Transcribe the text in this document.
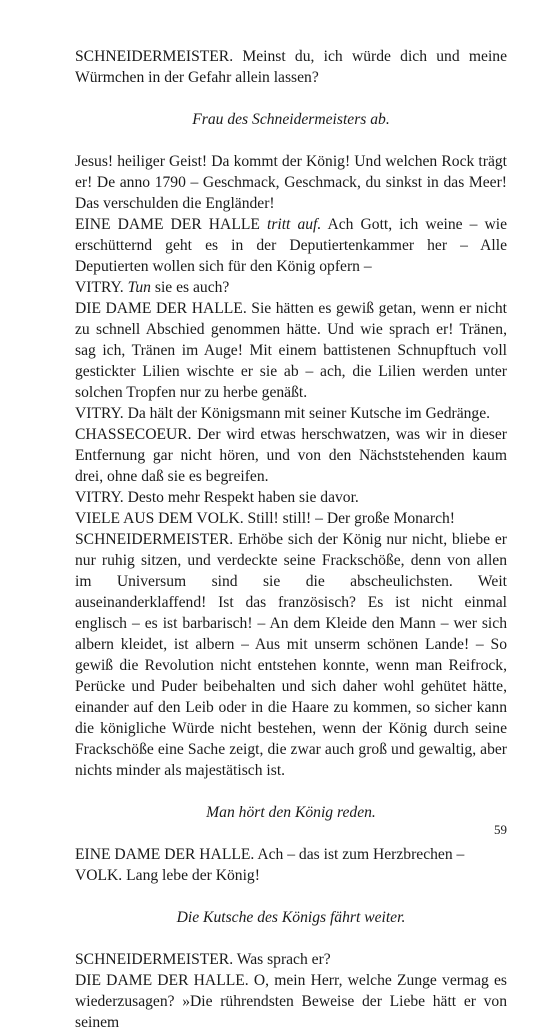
SCHNEIDERMEISTER. Meinst du, ich würde dich und meine Würmchen in der Gefahr allein lassen?

Frau des Schneidermeisters ab.

Jesus! heiliger Geist! Da kommt der König! Und welchen Rock trägt er! De anno 1790 – Geschmack, Geschmack, du sinkst in das Meer! Das verschulden die Engländer!

EINE DAME DER HALLE tritt auf. Ach Gott, ich weine – wie erschütternd geht es in der Deputiertenkammer her – Alle Deputierten wollen sich für den König opfern –

VITRY. Tun sie es auch?

DIE DAME DER HALLE. Sie hätten es gewiß getan, wenn er nicht zu schnell Abschied genommen hätte. Und wie sprach er! Tränen, sag ich, Tränen im Auge! Mit einem battistenen Schnupftuch voll gestickter Lilien wischte er sie ab – ach, die Lilien werden unter solchen Tropfen nur zu herbe genäßt.

VITRY. Da hält der Königsmann mit seiner Kutsche im Gedränge.

CHASSECOEUR. Der wird etwas herschwatzen, was wir in dieser Entfernung gar nicht hören, und von den Nächststehenden kaum drei, ohne daß sie es begreifen.

VITRY. Desto mehr Respekt haben sie davor.

VIELE AUS DEM VOLK. Still! still! – Der große Monarch!

SCHNEIDERMEISTER. Erhöbe sich der König nur nicht, bliebe er nur ruhig sitzen, und verdeckte seine Frackschöße, denn von allen im Universum sind sie die abscheulichsten. Weit auseinanderklaffend! Ist das französisch? Es ist nicht einmal englisch – es ist barbarisch! – An dem Kleide den Mann – wer sich albern kleidet, ist albern – Aus mit unserm schönen Lande! – So gewiß die Revolution nicht entstehen konnte, wenn man Reifrock, Perücke und Puder beibehalten und sich daher wohl gehütet hätte, einander auf den Leib oder in die Haare zu kommen, so sicher kann die königliche Würde nicht bestehen, wenn der König durch seine Frackschöße eine Sache zeigt, die zwar auch groß und gewaltig, aber nichts minder als majestätisch ist.

Man hört den König reden.

EINE DAME DER HALLE. Ach – das ist zum Herzbrechen –

VOLK. Lang lebe der König!

Die Kutsche des Königs fährt weiter.

SCHNEIDERMEISTER. Was sprach er?

DIE DAME DER HALLE. O, mein Herr, welche Zunge vermag es wiederzusagen? »Die rührendsten Beweise der Liebe hätt er von seinem

59
